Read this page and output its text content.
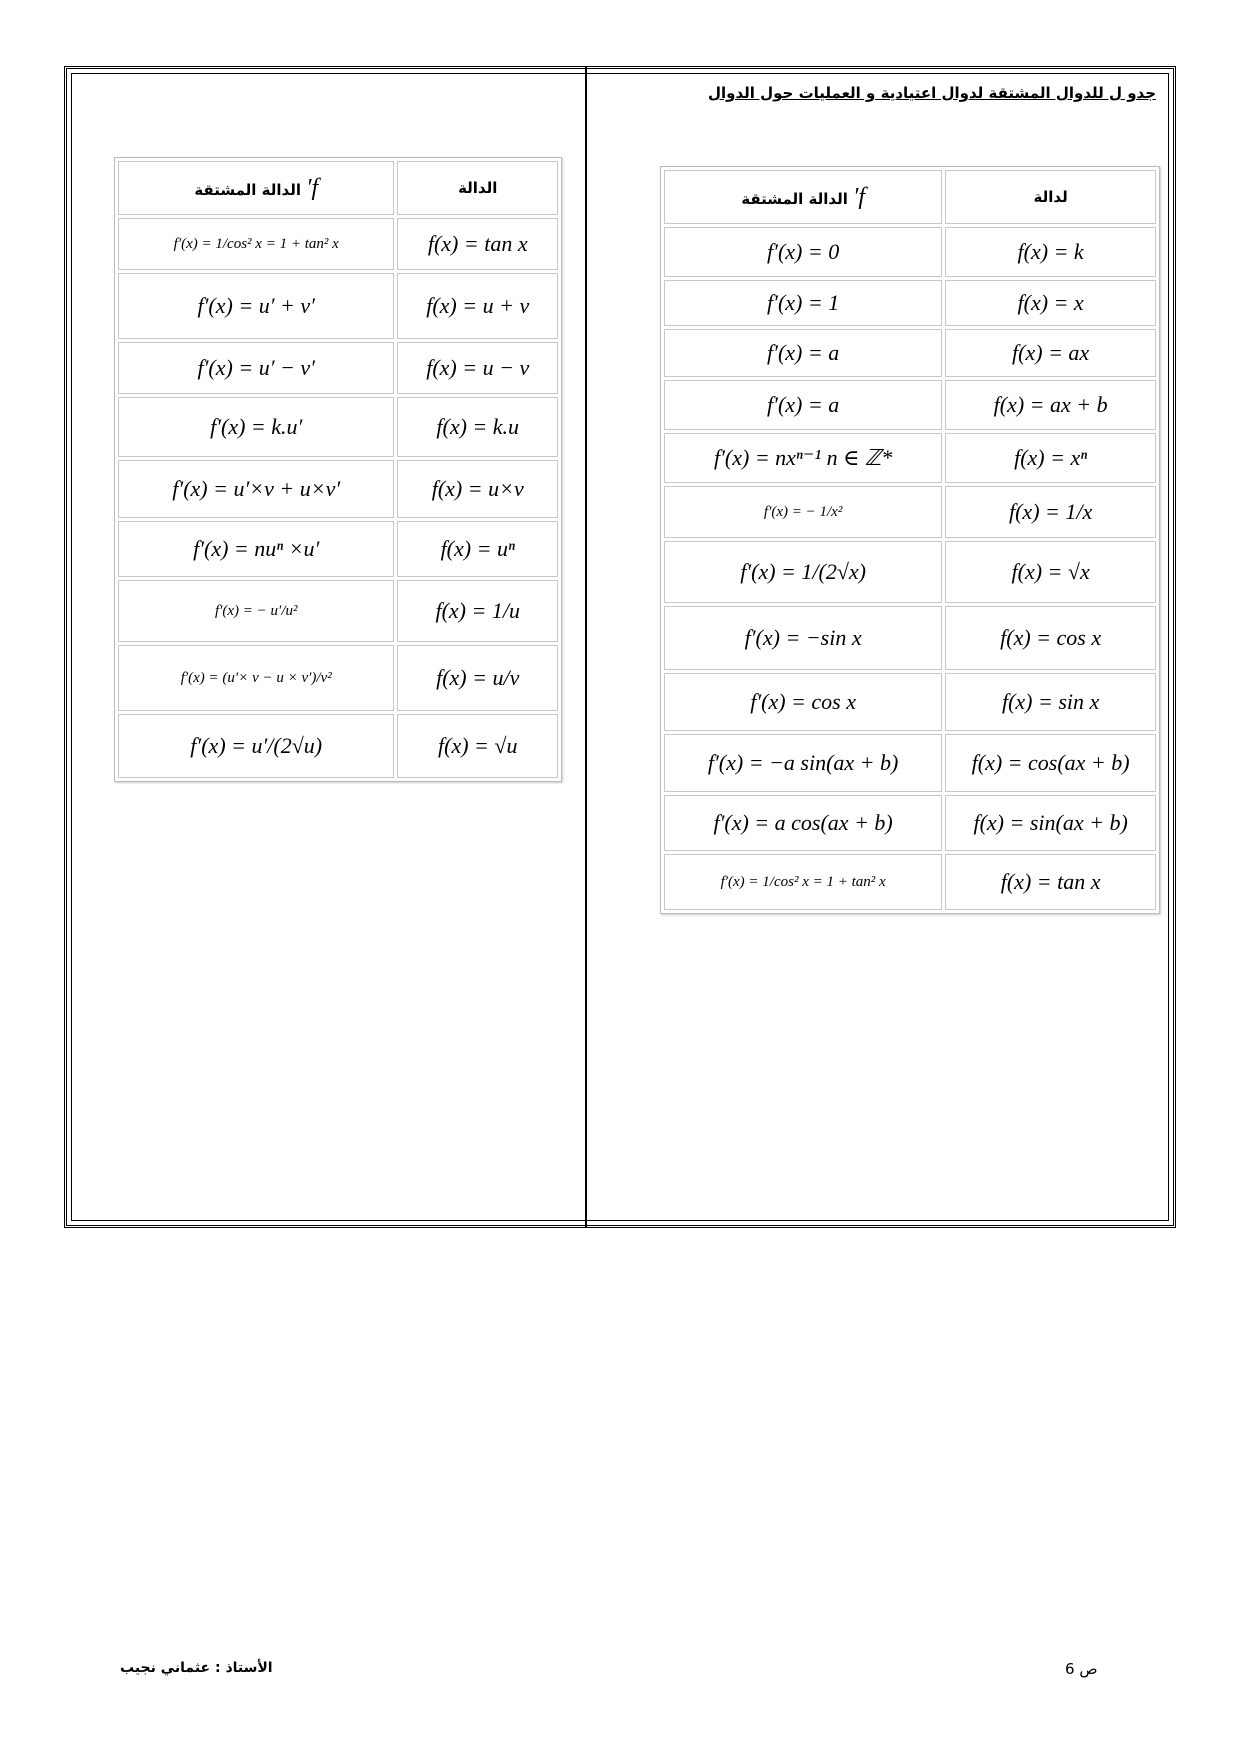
جدو ل للدوال المشتقة لدوال اعتيادية و العمليات حول الدوال
f′ الدالة المشتقة	لدالة
f′(x) = 0	f(x) = k
f′(x) = 1	f(x) = x
f′(x) = a	f(x) = ax
f′(x) = a	f(x) = ax + b
f′(x) = nxⁿ⁻¹ n ∈ ℤ*	f(x) = xⁿ
f′(x) = − 1/x²	f(x) = 1/x
f′(x) = 1/(2√x)	f(x) = √x
f′(x) = −sin x	f(x) = cos x
f′(x) = cos x	f(x) = sin x
f′(x) = −a sin(ax + b)	f(x) = cos(ax + b)
f′(x) = a cos(ax + b)	f(x) = sin(ax + b)
f′(x) = 1/cos² x = 1 + tan² x	f(x) = tan x
f′ الدالة المشتقة	الدالة
f′(x) = 1/cos² x = 1 + tan² x	f(x) = tan x
f′(x) = u′ + v′	f(x) = u + v
f′(x) = u′ − v′	f(x) = u − v
f′(x) = k.u′	f(x) = k.u
f′(x) = u′×v + u×v′	f(x) = u×v
f′(x) = nuⁿ ×u′	f(x) = uⁿ
f′(x) = − u′/u²	f(x) = 1/u
f′(x) = (u′× v − u × v′)/v²	f(x) = u/v
f′(x) = u′/(2√u)	f(x) = √u
الأستاذ : عثماني نجيب	ص 6
